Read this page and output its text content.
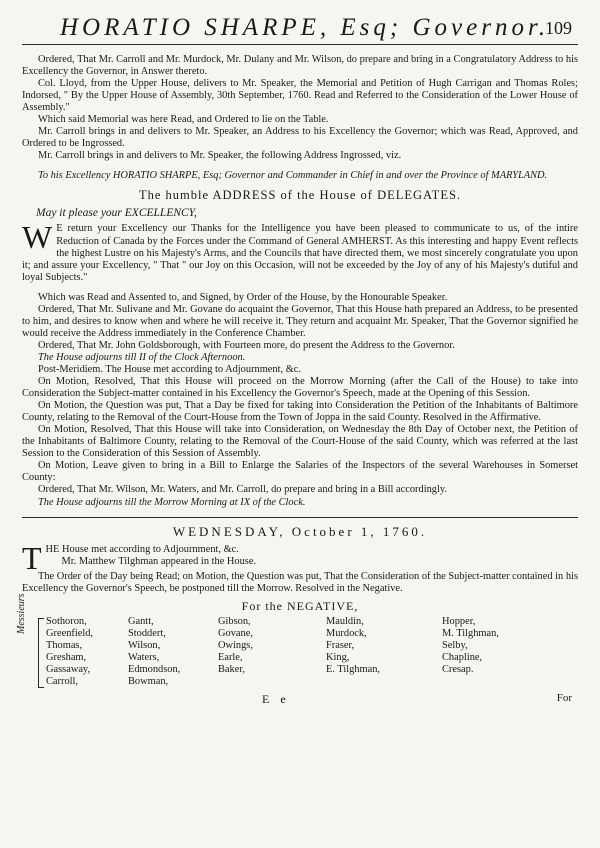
HORATIO SHARPE, Esq; Governor.
109

Ordered, That Mr. Carroll and Mr. Murdock, Mr. Dulany and Mr. Wilson, do prepare and bring in a Congratulatory Address to his Excellency the Governor, in Answer thereto.

Col. Lloyd, from the Upper House, delivers to Mr. Speaker, the Memorial and Petition of Hugh Carrigan and Thomas Roles; Indorsed, " By the Upper House of Assembly, 30th September, 1760. Read and Referred to the Consideration of the Lower House of Assembly."

Which said Memorial was here Read, and Ordered to lie on the Table.

Mr. Carroll brings in and delivers to Mr. Speaker, an Address to his Excellency the Governor; which was Read, Approved, and Ordered to be Ingrossed.

Mr. Carroll brings in and delivers to Mr. Speaker, the following Address Ingrossed, viz.

To his Excellency HORATIO SHARPE, Esq; Governor and Commander in Chief in and over the Province of MARYLAND.

The humble ADDRESS of the House of DELEGATES.
May it please your EXCELLENCY,
W E return your Excellency our Thanks for the Intelligence you have been pleased to communicate to us, of the intire Reduction of Canada by the Forces under the Command of General AMHERST. As this interesting and happy Event reflects the highest Lustre on his Majesty's Arms, and the Councils that have directed them, we most sincerely congratulate you upon it; and assure your Excellency, " That " our Joy on this Occasion, will not be exceeded by the Joy of any of his Majesty's dutiful and loyal Subjects."

Which was Read and Assented to, and Signed, by Order of the House, by the Honourable Speaker.

Ordered, That Mr. Sulivane and Mr. Govane do acquaint the Governor, That this House hath prepared an Address, to be presented to him, and desires to know when and where he will receive it. They return and acquaint Mr. Speaker, That the Governor signified he would receive the Address immediately in the Conference Chamber.

Ordered, That Mr. John Goldsborough, with Fourteen more, do present the Address to the Governor.

The House adjourns till II of the Clock Afternoon.

Post-Meridiem. The House met according to Adjournment, &c.

On Motion, Resolved, That this House will proceed on the Morrow Morning (after the Call of the House) to take into Consideration the Subject-matter contained in his Excellency the Governor's Speech, made at the Opening of this Session.

On Motion, the Question was put, That a Day be fixed for taking into Consideration the Petition of the Inhabitants of Baltimore County, relating to the Removal of the Court-House from the Town of Joppa in the said County. Resolved in the Affirmative.

On Motion, Resolved, That this House will take into Consideration, on Wednesday the 8th Day of October next, the Petition of the Inhabitants of Baltimore County, relating to the Removal of the Court-House of the said County, which was referred at the last Session to the Consideration of this Session of Assembly.

On Motion, Leave given to bring in a Bill to Enlarge the Salaries of the Inspectors of the several Warehouses in Somerset County:

Ordered, That Mr. Wilson, Mr. Waters, and Mr. Carroll, do prepare and bring in a Bill accordingly.

The House adjourns till the Morrow Morning at IX of the Clock.

WEDNESDAY, October 1, 1760.
T HE House met according to Adjournment, &c.

Mr. Matthew Tilghman appeared in the House.

The Order of the Day being Read; on Motion, the Question was put, That the Consideration of the Subject-matter contained in his Excellency the Governor's Speech, be postponed till the Morrow. Resolved in the Negative.

For the NEGATIVE,
Messieurs Sothoron,
Greenfield,
Thomas,
Gresham,
Gassaway,
Carroll,
Gantt,
Stoddert,
Wilson,
Waters,
Edmondson,
Bowman,
Gibson,
Govane,
Owings,
Earle,
Baker,
Mauldin,
Murdock,
Fraser,
King,
E. Tilghman,
Hopper,
M. Tilghman,
Selby,
Chapline,
Cresap.
E e	For
